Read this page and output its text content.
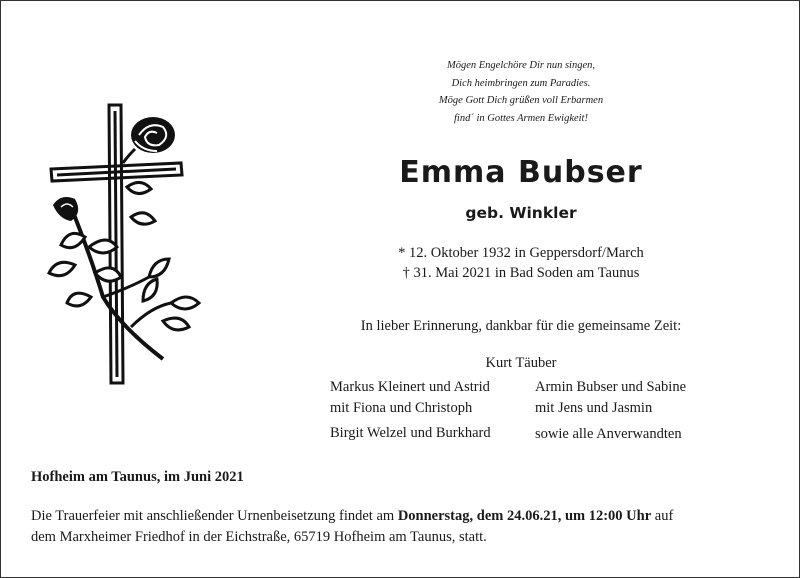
Mögen Engelchöre Dir nun singen,
Dich heimbringen zum Paradies.
Möge Gott Dich grüßen voll Erbarmen
find´ in Gottes Armen Ewigkeit!
Emma Bubser
geb. Winkler
* 12. Oktober 1932 in Geppersdorf/March
† 31. Mai 2021 in Bad Soden am Taunus
In lieber Erinnerung, dankbar für die gemeinsame Zeit:
Kurt Täuber
Markus Kleinert und Astrid
mit Fiona und Christoph
Armin Bubser und Sabine
mit Jens und Jasmin
Birgit Welzel und Burkhard	sowie alle Anverwandten
Hofheim am Taunus, im Juni 2021
Die Trauerfeier mit anschließender Urnenbeisetzung findet am Donnerstag, dem 24.06.21, um 12:00 Uhr auf
dem Marxheimer Friedhof in der Eichstraße, 65719 Hofheim am Taunus, statt.
